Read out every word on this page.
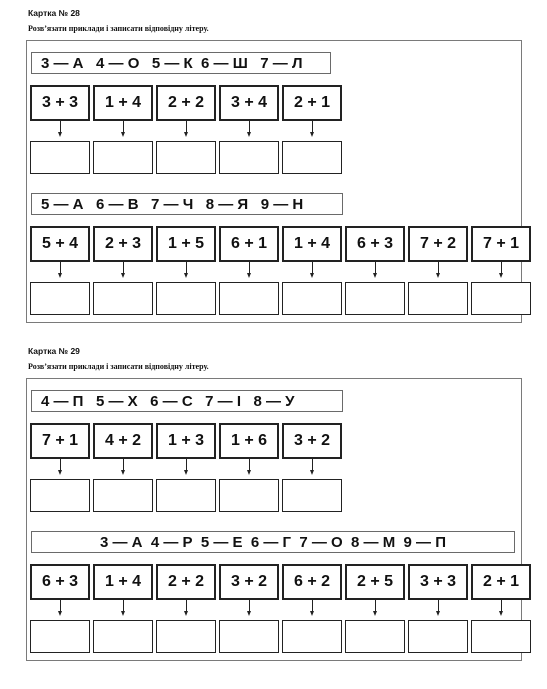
Картка № 28
Розв’язати приклади і записати відповідну літеру.
3 — А   4 — О   5 — К  6 — Ш   7 — Л
5 — А   6 — В   7 — Ч   8 — Я   9 — Н
Картка № 29
Розв’язати приклади і записати відповідну літеру.
4 — П   5 — Х   6 — С   7 — І   8 — У
3 — А  4 — Р  5 — Е  6 — Г  7 — О  8 — М  9 — П
3 + 3	1 + 4	2 + 2	3 + 4	2 + 1
5 + 4	2 + 3	1 + 5	6 + 1	1 + 4	6 + 3	7 + 2	7 + 1
7 + 1	4 + 2	1 + 3	1 + 6	3 + 2
6 + 3	1 + 4	2 + 2	3 + 2	6 + 2	2 + 5	3 + 3	2 + 1
